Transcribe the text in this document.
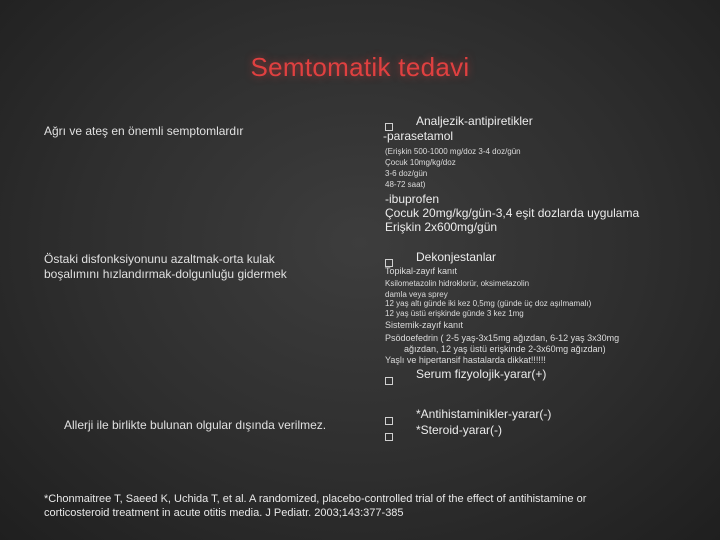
Semtomatik tedavi
Ağrı ve ateş en önemli semptomlardır
Östaki disfonksiyonunu azaltmak-orta kulak
boşalımını hızlandırmak-dolgunluğu gidermek
Allerji ile birlikte bulunan olgular dışında verilmez.
Analjezik-antipiretikler
-parasetamol
(Erişkin 500-1000 mg/doz 3-4 doz/gün
Çocuk 10mg/kg/doz
3-6 doz/gün
48-72 saat)
-ibuprofen
Çocuk 20mg/kg/gün-3,4 eşit dozlarda uygulama
Erişkin 2x600mg/gün
Dekonjestanlar
Topikal-zayıf kanıt
Ksilometazolin hidroklorür, oksimetazolin
damla veya sprey
12 yaş altı günde iki kez 0,5mg (günde üç doz aşılmamalı)
12 yaş üstü erişkinde günde 3 kez 1mg
Sistemik-zayıf kanıt
Psödoefedrin ( 2-5 yaş-3x15mg ağızdan, 6-12 yaş 3x30mg
ağızdan, 12 yaş üstü erişkinde 2-3x60mg ağızdan)
Yaşlı ve hipertansif hastalarda dikkat!!!!!!
Serum fizyolojik-yarar(+)
*Antihistaminikler-yarar(-)
*Steroid-yarar(-)
*Chonmaitree T, Saeed K, Uchida T, et al. A randomized, placebo-controlled trial of the effect of antihistamine or
corticosteroid treatment in acute otitis media. J Pediatr. 2003;143:377-385
